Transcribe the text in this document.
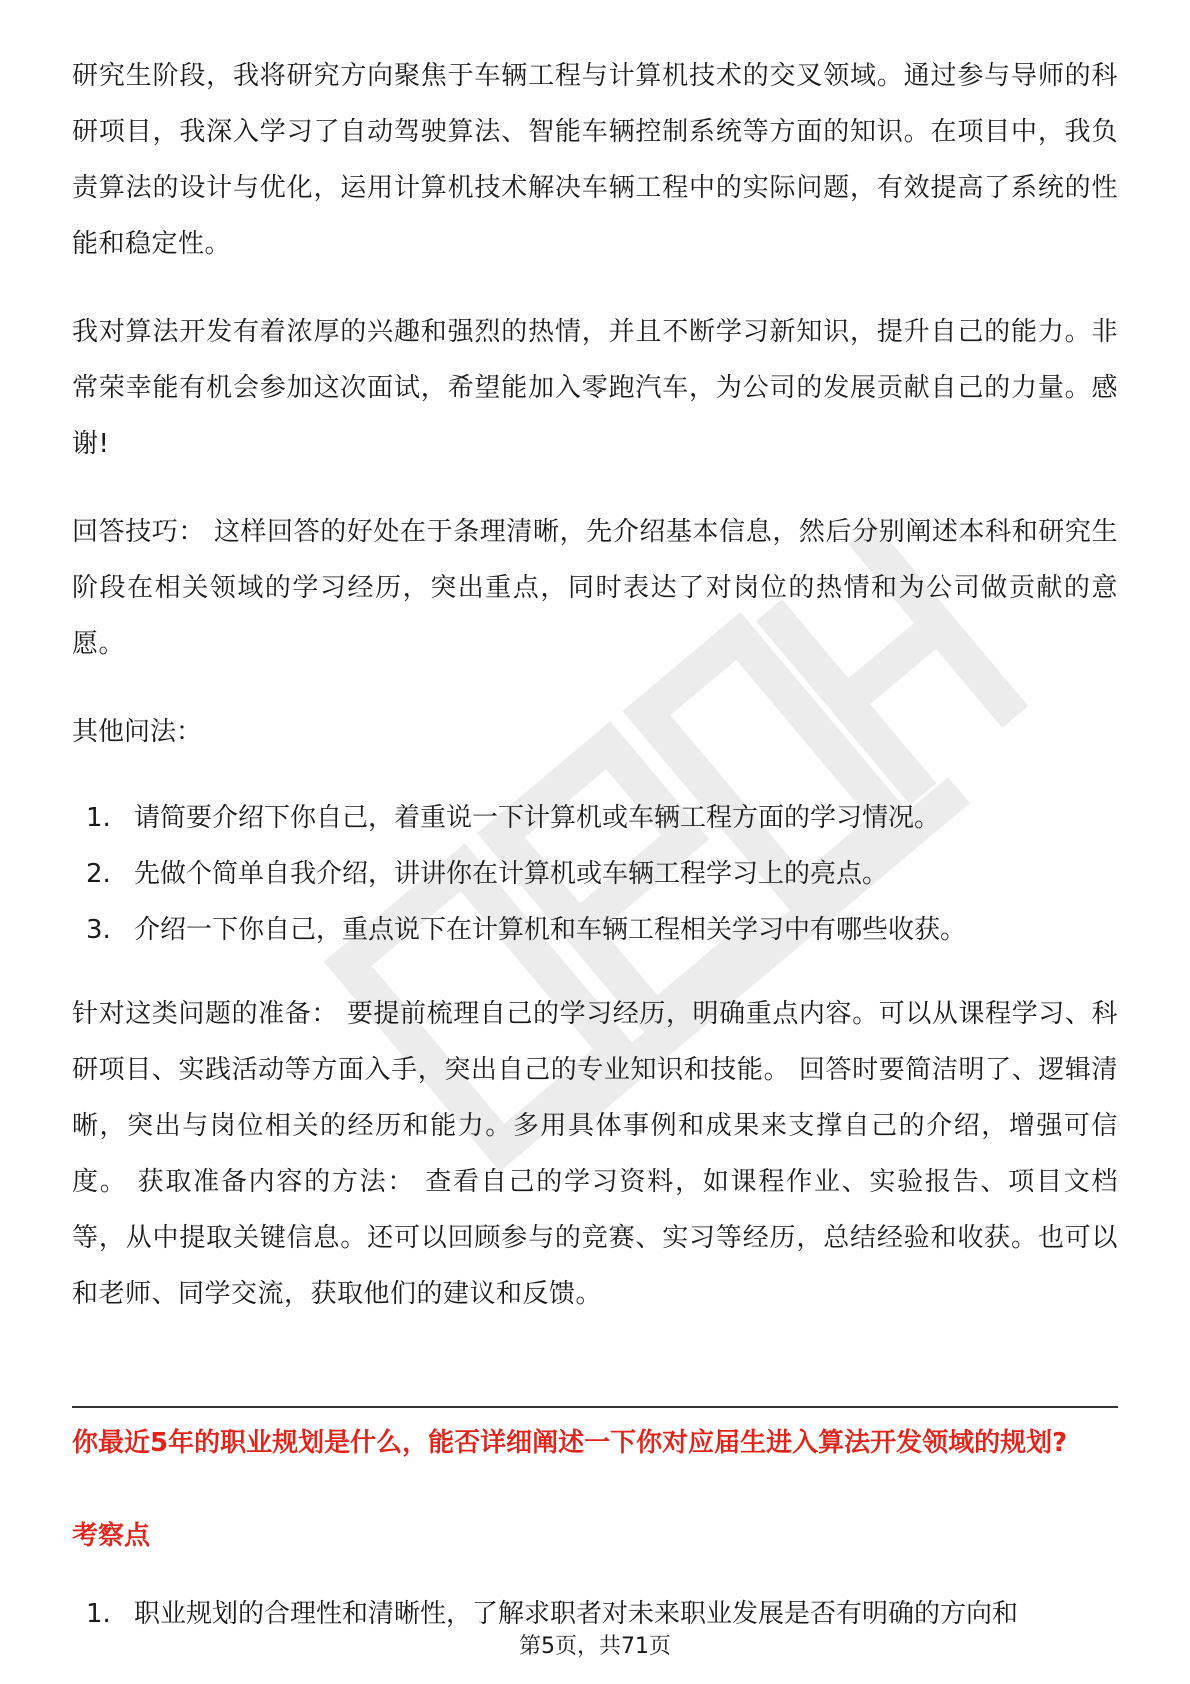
研究生阶段，我将研究方向聚焦于车辆工程与计算机技术的交叉领域。通过参与导师的科研项目，我深入学习了自动驾驶算法、智能车辆控制系统等方面的知识。在项目中，我负责算法的设计与优化，运用计算机技术解决车辆工程中的实际问题，有效提高了系统的性能和稳定性。

我对算法开发有着浓厚的兴趣和强烈的热情，并且不断学习新知识，提升自己的能力。非常荣幸能有机会参加这次面试，希望能加入零跑汽车，为公司的发展贡献自己的力量。感谢!

回答技巧： 这样回答的好处在于条理清晰，先介绍基本信息，然后分别阐述本科和研究生阶段在相关领域的学习经历，突出重点，同时表达了对岗位的热情和为公司做贡献的意愿。

其他问法：

1. 请简要介绍下你自己，着重说一下计算机或车辆工程方面的学习情况。
2. 先做个简单自我介绍，讲讲你在计算机或车辆工程学习上的亮点。
3. 介绍一下你自己，重点说下在计算机和车辆工程相关学习中有哪些收获。

针对这类问题的准备： 要提前梳理自己的学习经历，明确重点内容。可以从课程学习、科研项目、实践活动等方面入手，突出自己的专业知识和技能。 回答时要简洁明了、逻辑清晰，突出与岗位相关的经历和能力。多用具体事例和成果来支撑自己的介绍，增强可信度。 获取准备内容的方法： 查看自己的学习资料，如课程作业、实验报告、项目文档等，从中提取关键信息。还可以回顾参与的竞赛、实习等经历，总结经验和收获。也可以和老师、同学交流，获取他们的建议和反馈。

你最近5年的职业规划是什么，能否详细阐述一下你对应届生进入算法开发领域的规划?
考察点
1. 职业规划的合理性和清晰性，了解求职者对未来职业发展是否有明确的方向和
第5页，共71页
